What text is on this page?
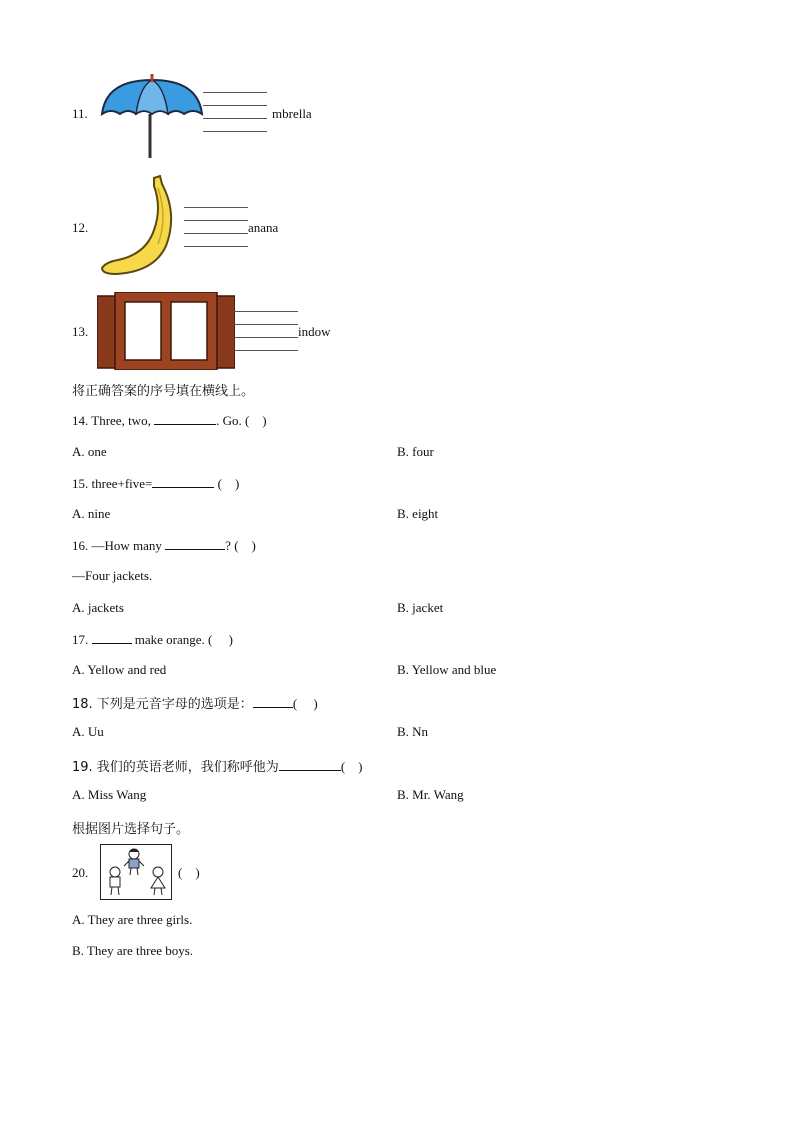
11.	mbrella
12.	anana
13.	indow
将正确答案的序号填在横线上。
14. Three, two,	. Go. ( )
A. one	B. four
15. three+five=	( )
A. nine	B. eight
16. —How many	? ( )
—Four jackets.
A. jackets	B. jacket
17.	make orange. ( )
A. Yellow and red	B. Yellow and blue
18. 下列是元音字母的选项是：	( )
A. Uu	B. Nn
19. 我们的英语老师，我们称呼他为	( )
A. Miss Wang	B. Mr. Wang
根据图片选择句子。
20.	( )
A. They are three girls.
B. They are three boys.
